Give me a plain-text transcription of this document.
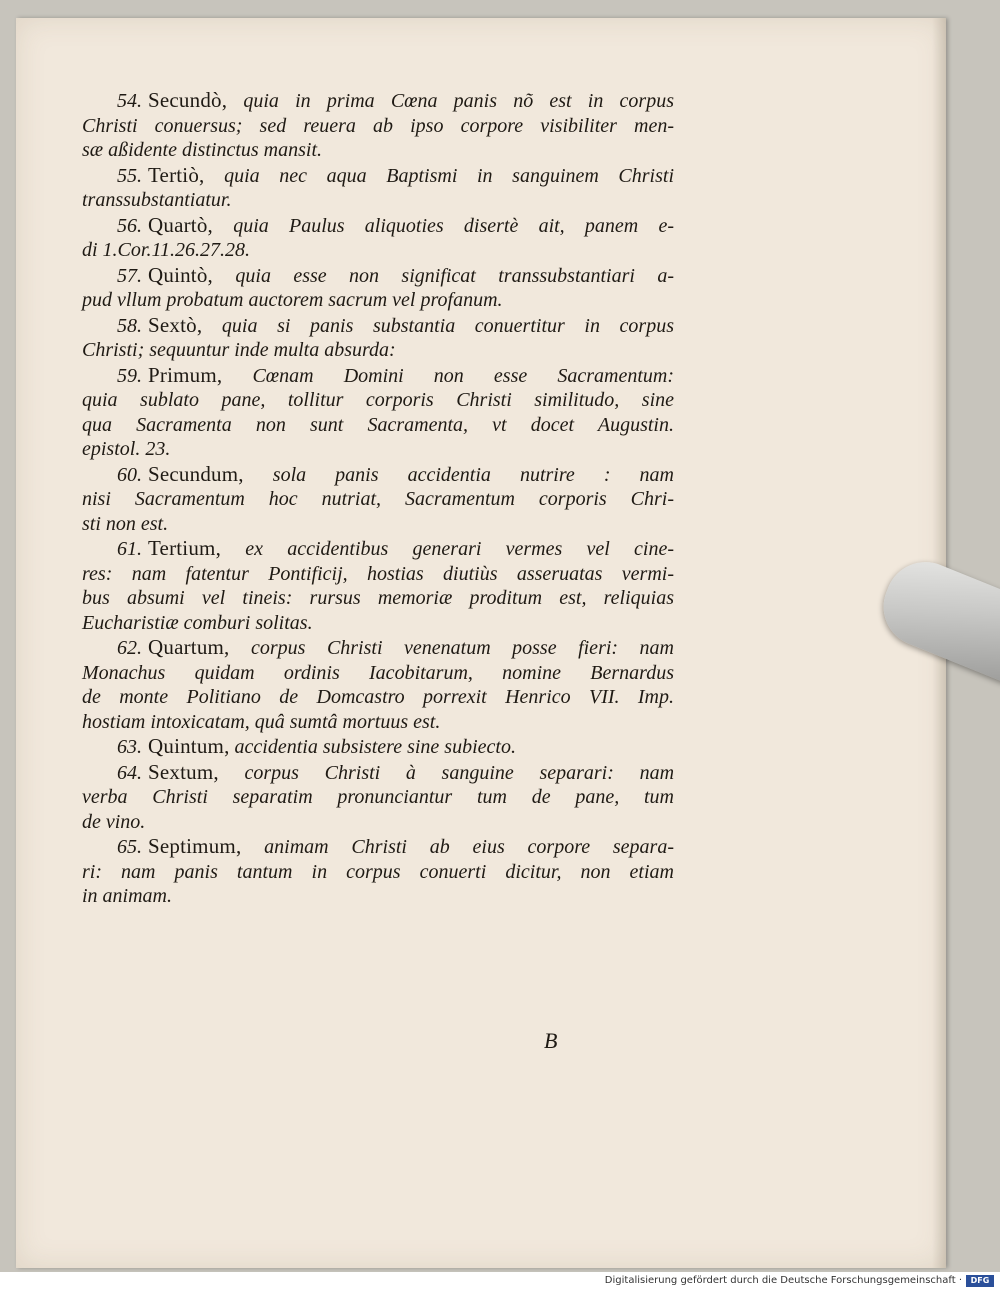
54. Secundò, quia in prima Cœna panis nõ est in corpus
Christi conuersus; sed reuera ab ipso corpore visibiliter men-
sæ aßidente distinctus mansit.
55. Tertiò, quia nec aqua Baptismi in sanguinem Christi
transsubstantiatur.
56. Quartò, quia Paulus aliquoties disertè ait, panem e-
di 1.Cor.11.26.27.28.
57. Quintò, quia esse non significat transsubstantiari a-
pud vllum probatum auctorem sacrum vel profanum.
58. Sextò, quia si panis substantia conuertitur in corpus
Christi; sequuntur inde multa absurda:
59. Primum, Cœnam Domini non esse Sacramentum:
quia sublato pane, tollitur corporis Christi similitudo, sine
qua Sacramenta non sunt Sacramenta, vt docet Augustin.
epistol. 23.
60. Secundum, sola panis accidentia nutrire : nam
nisi Sacramentum hoc nutriat, Sacramentum corporis Chri-
sti non est.
61. Tertium, ex accidentibus generari vermes vel cine-
res: nam fatentur Pontificij, hostias diutiùs asseruatas vermi-
bus absumi vel tineis: rursus memoriæ proditum est, reliquias
Eucharistiæ comburi solitas.
62. Quartum, corpus Christi venenatum posse fieri: nam
Monachus quidam ordinis Iacobitarum, nomine Bernardus
de monte Politiano de Domcastro porrexit Henrico VII. Imp.
hostiam intoxicatam, quâ sumtâ mortuus est.
63. Quintum, accidentia subsistere sine subiecto.
64. Sextum, corpus Christi à sanguine separari: nam
verba Christi separatim pronunciantur tum de pane, tum
de vino.
65. Septimum, animam Christi ab eius corpore separa-
ri: nam panis tantum in corpus conuerti dicitur, non etiam
in animam.
B
Digitalisierung gefördert durch die Deutsche Forschungsgemeinschaft ·	DFG
